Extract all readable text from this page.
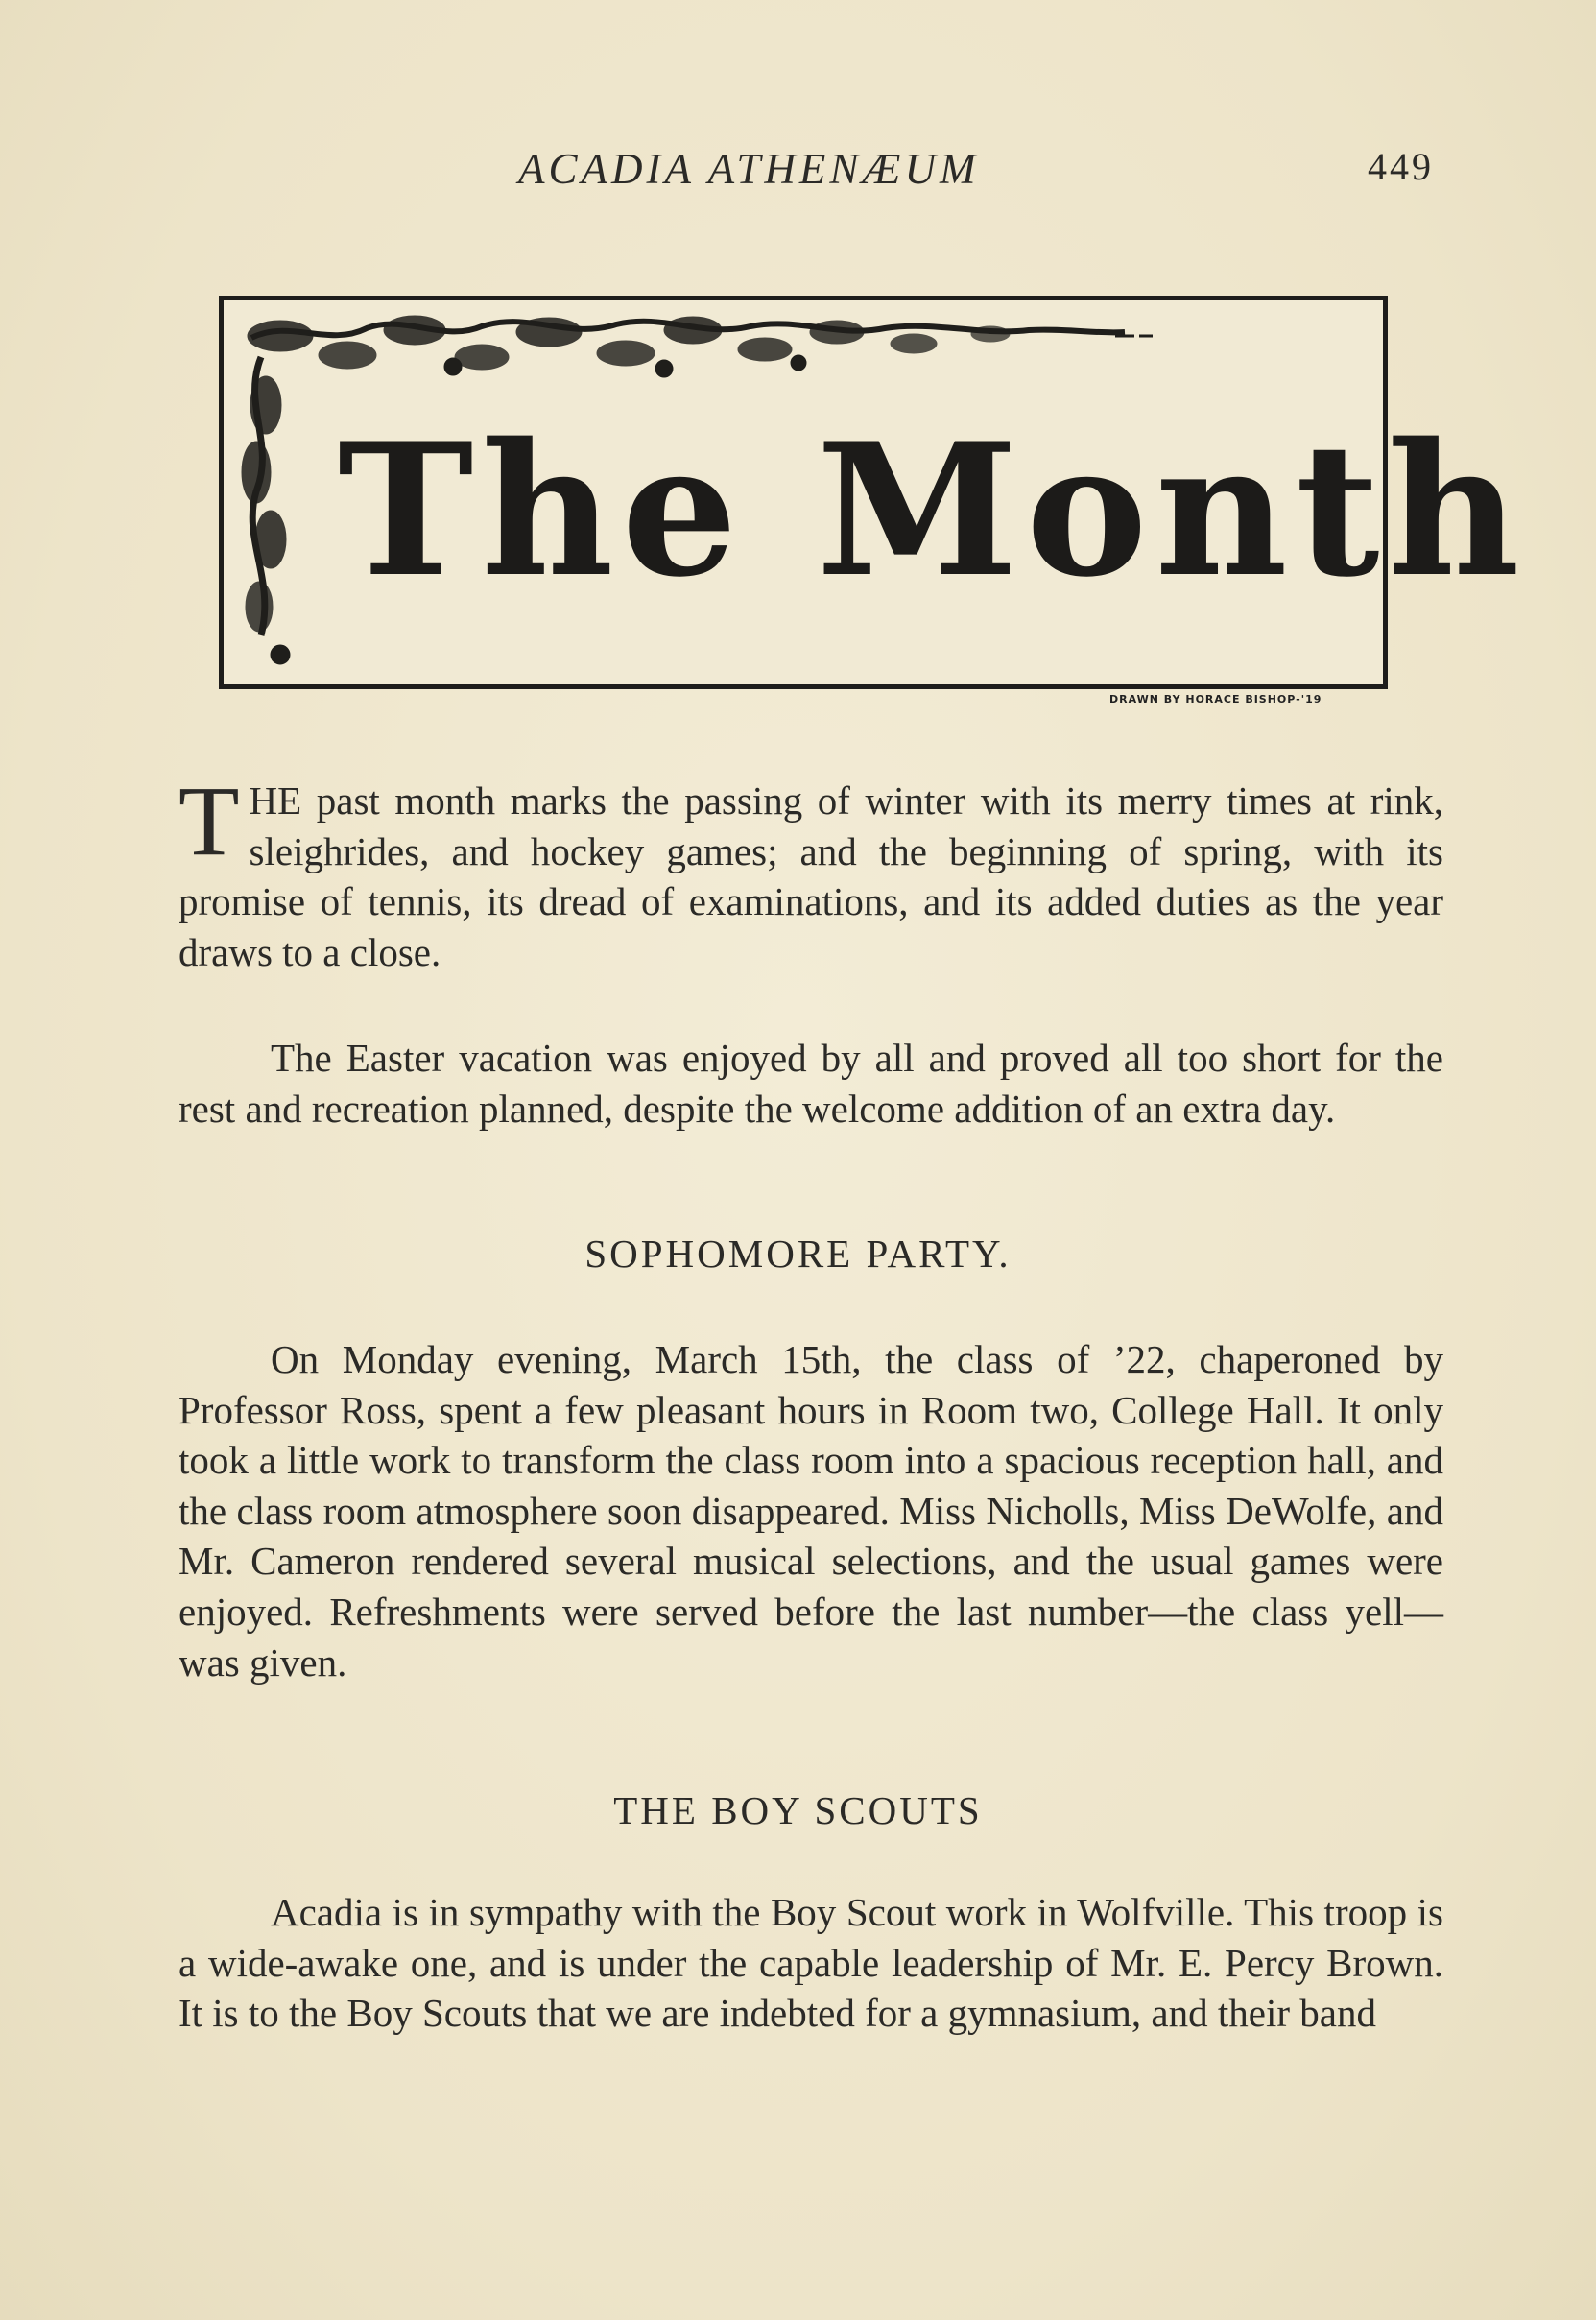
ACADIA ATHENÆUM	449
The Month
DRAWN BY HORACE BISHOP-'19
THE past month marks the passing of winter with its merry times at rink, sleighrides, and hockey games; and the beginning of spring, with its promise of tennis, its dread of examinations, and its added duties as the year draws to a close.

The Easter vacation was enjoyed by all and proved all too short for the rest and recreation planned, despite the welcome addition of an extra day.

SOPHOMORE PARTY.

On Monday evening, March 15th, the class of ’22, chaperoned by Professor Ross, spent a few pleasant hours in Room two, College Hall. It only took a little work to transform the class room into a spacious reception hall, and the class room atmosphere soon disappeared. Miss Nicholls, Miss DeWolfe, and Mr. Cameron rendered several musical selections, and the usual games were enjoyed. Refreshments were served before the last number—the class yell—was given.

THE BOY SCOUTS

Acadia is in sympathy with the Boy Scout work in Wolfville. This troop is a wide-awake one, and is under the capable leadership of Mr. E. Percy Brown. It is to the Boy Scouts that we are indebted for a gymnasium, and their band
